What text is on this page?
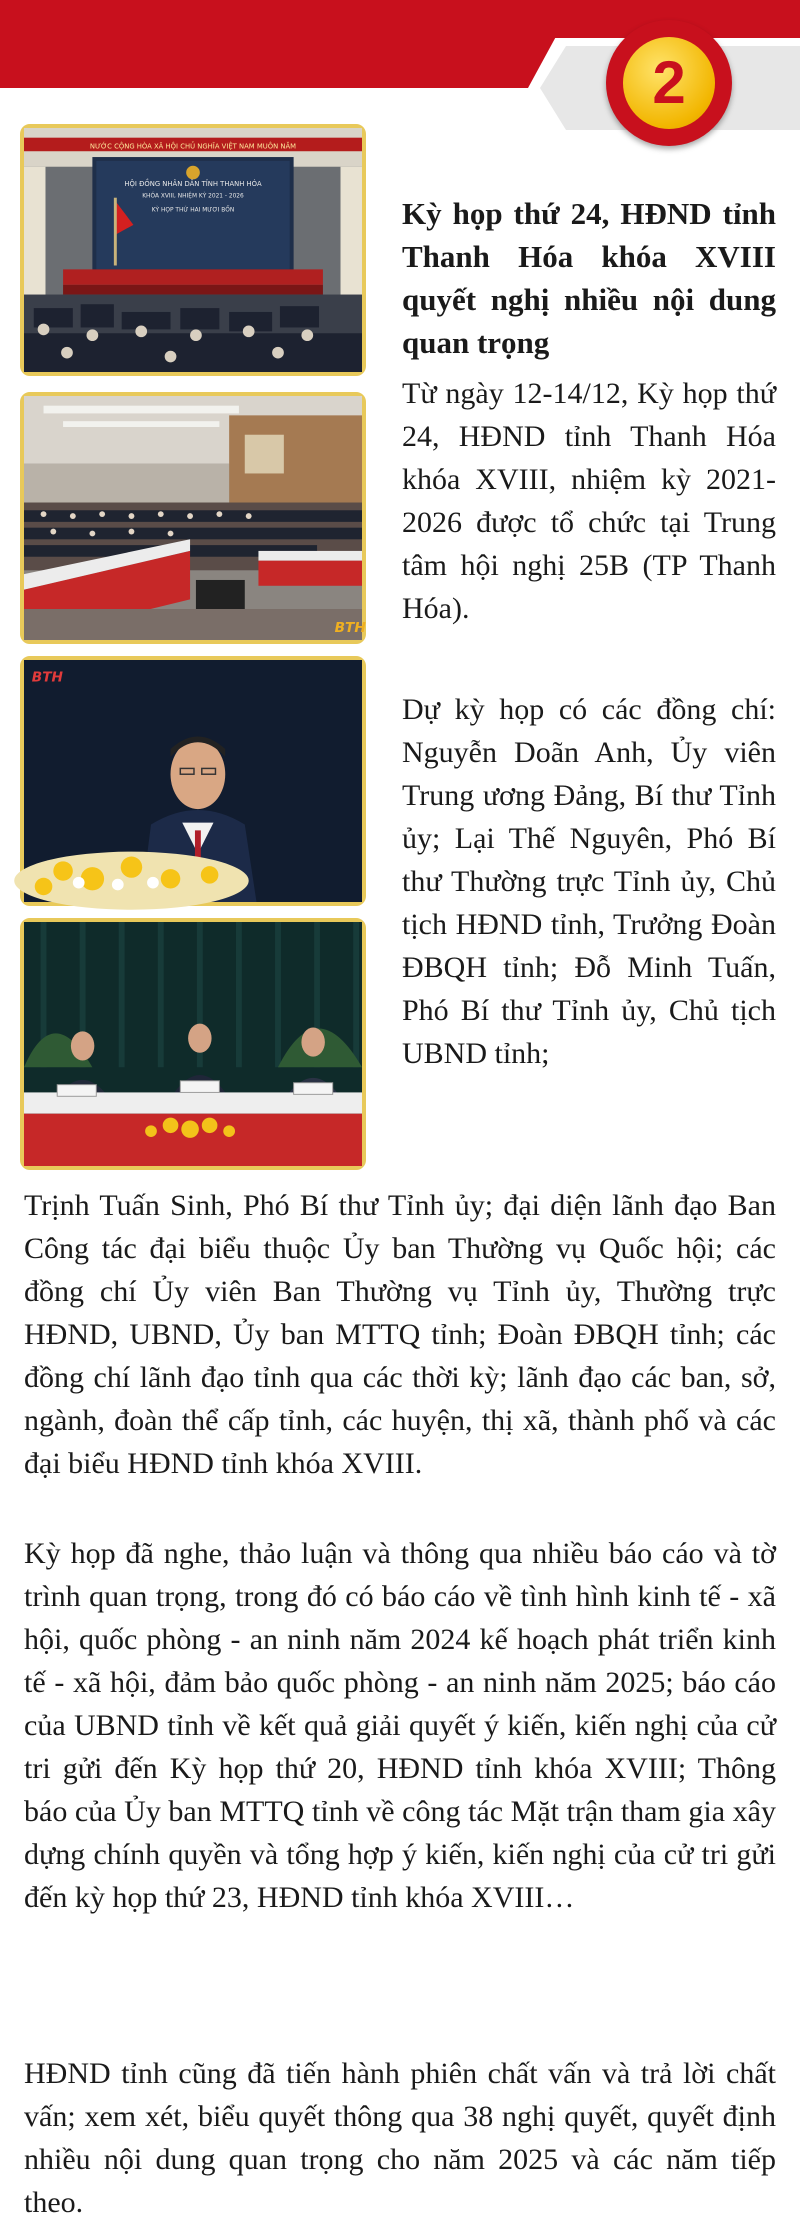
2
NƯỚC CỘNG HÒA XÃ HỘI CHỦ NGHĨA VIỆT NAM MUÔN NĂM
HỘI ĐỒNG NHÂN DÂN TỈNH THANH HÓA
KHÓA XVIII, NHIỆM KỲ 2021 - 2026
KỲ HỌP THỨ HAI MƯƠI BỐN
BTH
BTH
Kỳ họp thứ 24, HĐND tỉnh Thanh Hóa khóa XVIII quyết nghị nhiều nội dung quan trọng

Từ ngày 12-14/12, Kỳ họp thứ 24, HĐND tỉnh Thanh Hóa khóa XVIII, nhiệm kỳ 2021-2026 được tổ chức tại Trung tâm hội nghị 25B (TP Thanh Hóa).

Dự kỳ họp có các đồng chí: Nguyễn Doãn Anh, Ủy viên Trung ương Đảng, Bí thư Tỉnh ủy; Lại Thế Nguyên, Phó Bí thư Thường trực Tỉnh ủy, Chủ tịch HĐND tỉnh, Trưởng Đoàn ĐBQH tỉnh; Đỗ Minh Tuấn, Phó Bí thư Tỉnh ủy, Chủ tịch UBND tỉnh;

Trịnh Tuấn Sinh, Phó Bí thư Tỉnh ủy; đại diện lãnh đạo Ban Công tác đại biểu thuộc Ủy ban Thường vụ Quốc hội; các đồng chí Ủy viên Ban Thường vụ Tỉnh ủy, Thường trực HĐND, UBND, Ủy ban MTTQ tỉnh; Đoàn ĐBQH tỉnh; các đồng chí lãnh đạo tỉnh qua các thời kỳ; lãnh đạo các ban, sở, ngành, đoàn thể cấp tỉnh, các huyện, thị xã, thành phố và các đại biểu HĐND tỉnh khóa XVIII.

Kỳ họp đã nghe, thảo luận và thông qua nhiều báo cáo và tờ trình quan trọng, trong đó có báo cáo về tình hình kinh tế - xã hội, quốc phòng - an ninh năm 2024 kế hoạch phát triển kinh tế - xã hội, đảm bảo quốc phòng - an ninh năm 2025; báo cáo của UBND tỉnh về kết quả giải quyết ý kiến, kiến nghị của cử tri gửi đến Kỳ họp thứ 20, HĐND tỉnh khóa XVIII; Thông báo của Ủy ban MTTQ tỉnh về công tác Mặt trận tham gia xây dựng chính quyền và tổng hợp ý kiến, kiến nghị của cử tri gửi đến kỳ họp thứ 23, HĐND tỉnh khóa XVIII…

HĐND tỉnh cũng đã tiến hành phiên chất vấn và trả lời chất vấn; xem xét, biểu quyết thông qua 38 nghị quyết, quyết định nhiều nội dung quan trọng cho năm 2025 và các năm tiếp theo.
